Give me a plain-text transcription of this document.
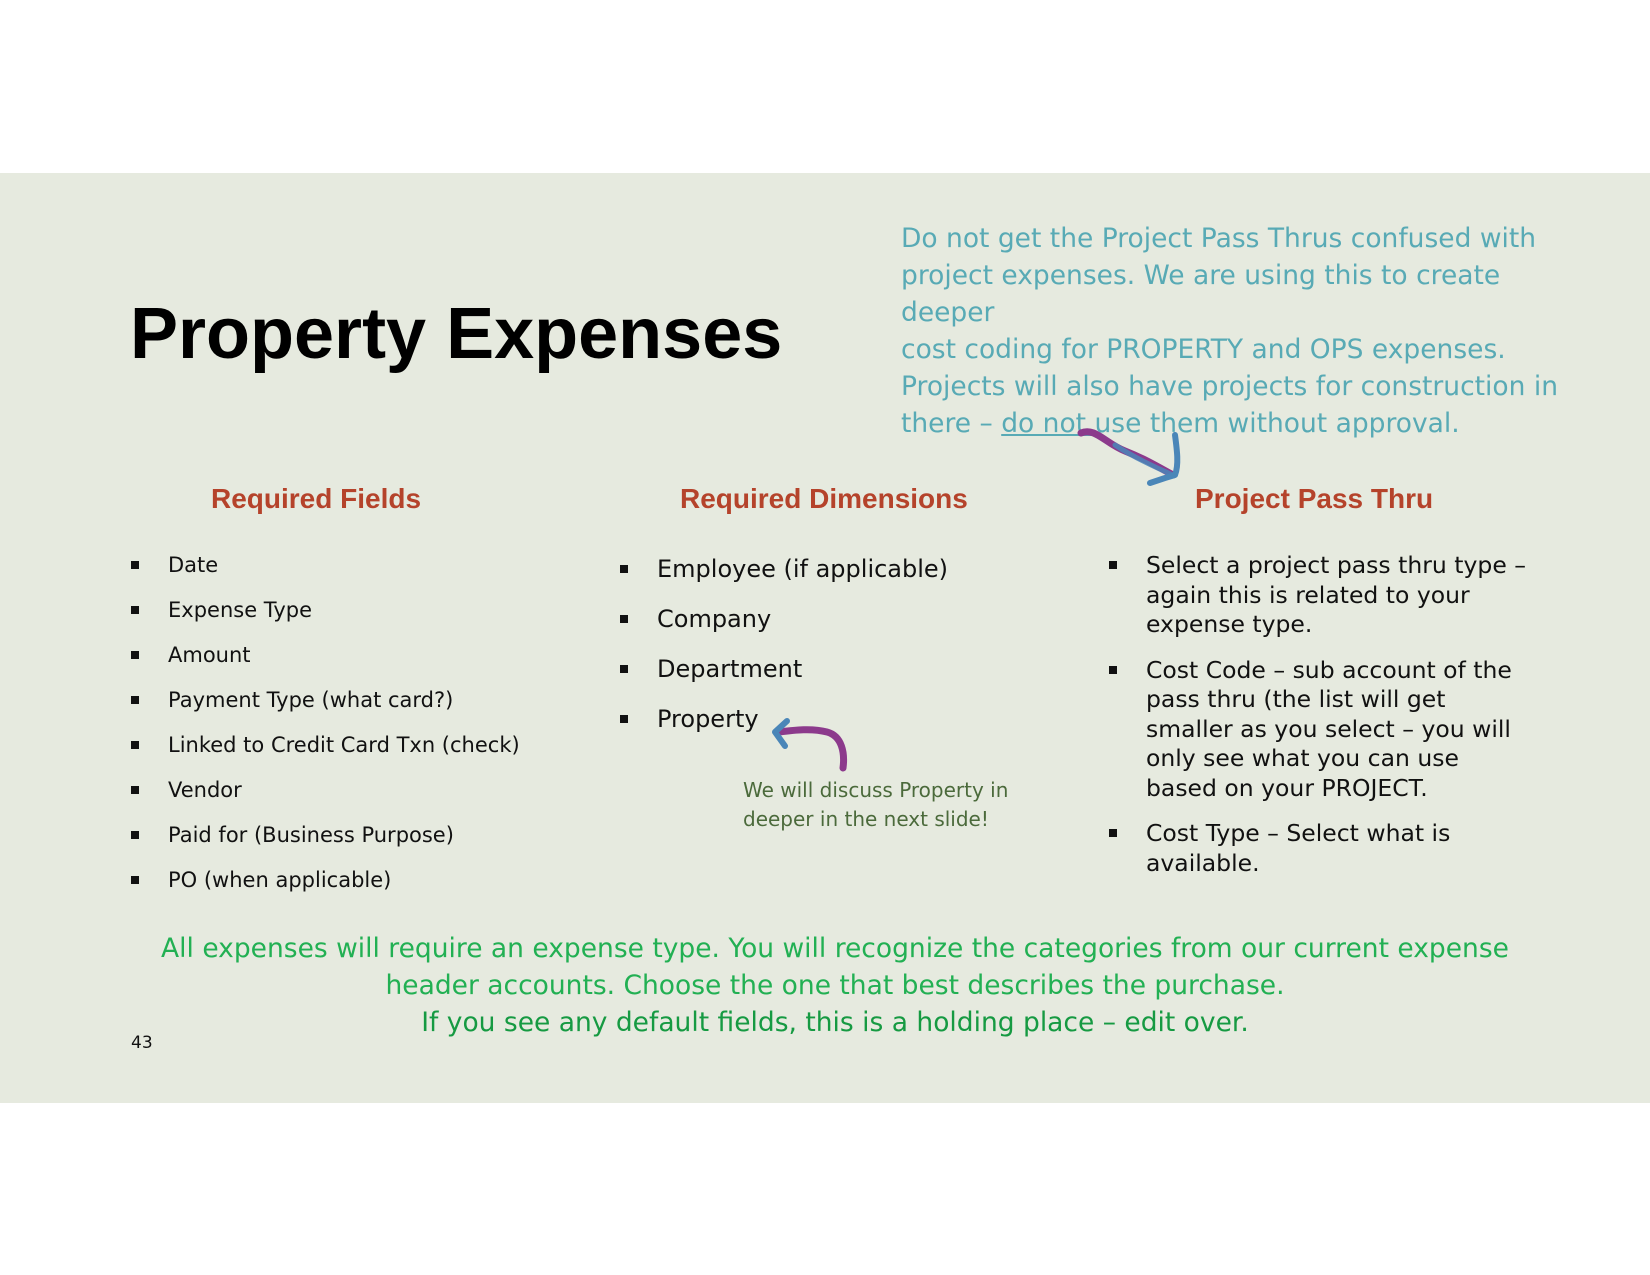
Property Expenses
Do not get the Project Pass Thrus confused with
project expenses. We are using this to create deeper
cost coding for PROPERTY and OPS expenses.
Projects will also have projects for construction in
there – do not use them without approval.
Required Fields	Required Dimensions	Project Pass Thru
Date
Expense Type
Amount
Payment Type (what card?)
Linked to Credit Card Txn (check)
Vendor
Paid for (Business Purpose)
PO (when applicable)
Employee (if applicable)
Company
Department
Property
We will discuss Property in
deeper in the next slide!
Select a project pass thru type – again this is related to your expense type.
Cost Code – sub account of the pass thru (the list will get smaller as you select – you will only see what you can use based on your PROJECT.
Cost Type – Select what is available.
All expenses will require an expense type. You will recognize the categories from our current expense
header accounts. Choose the one that best describes the purchase.
If you see any default fields, this is a holding place – edit over.
43
